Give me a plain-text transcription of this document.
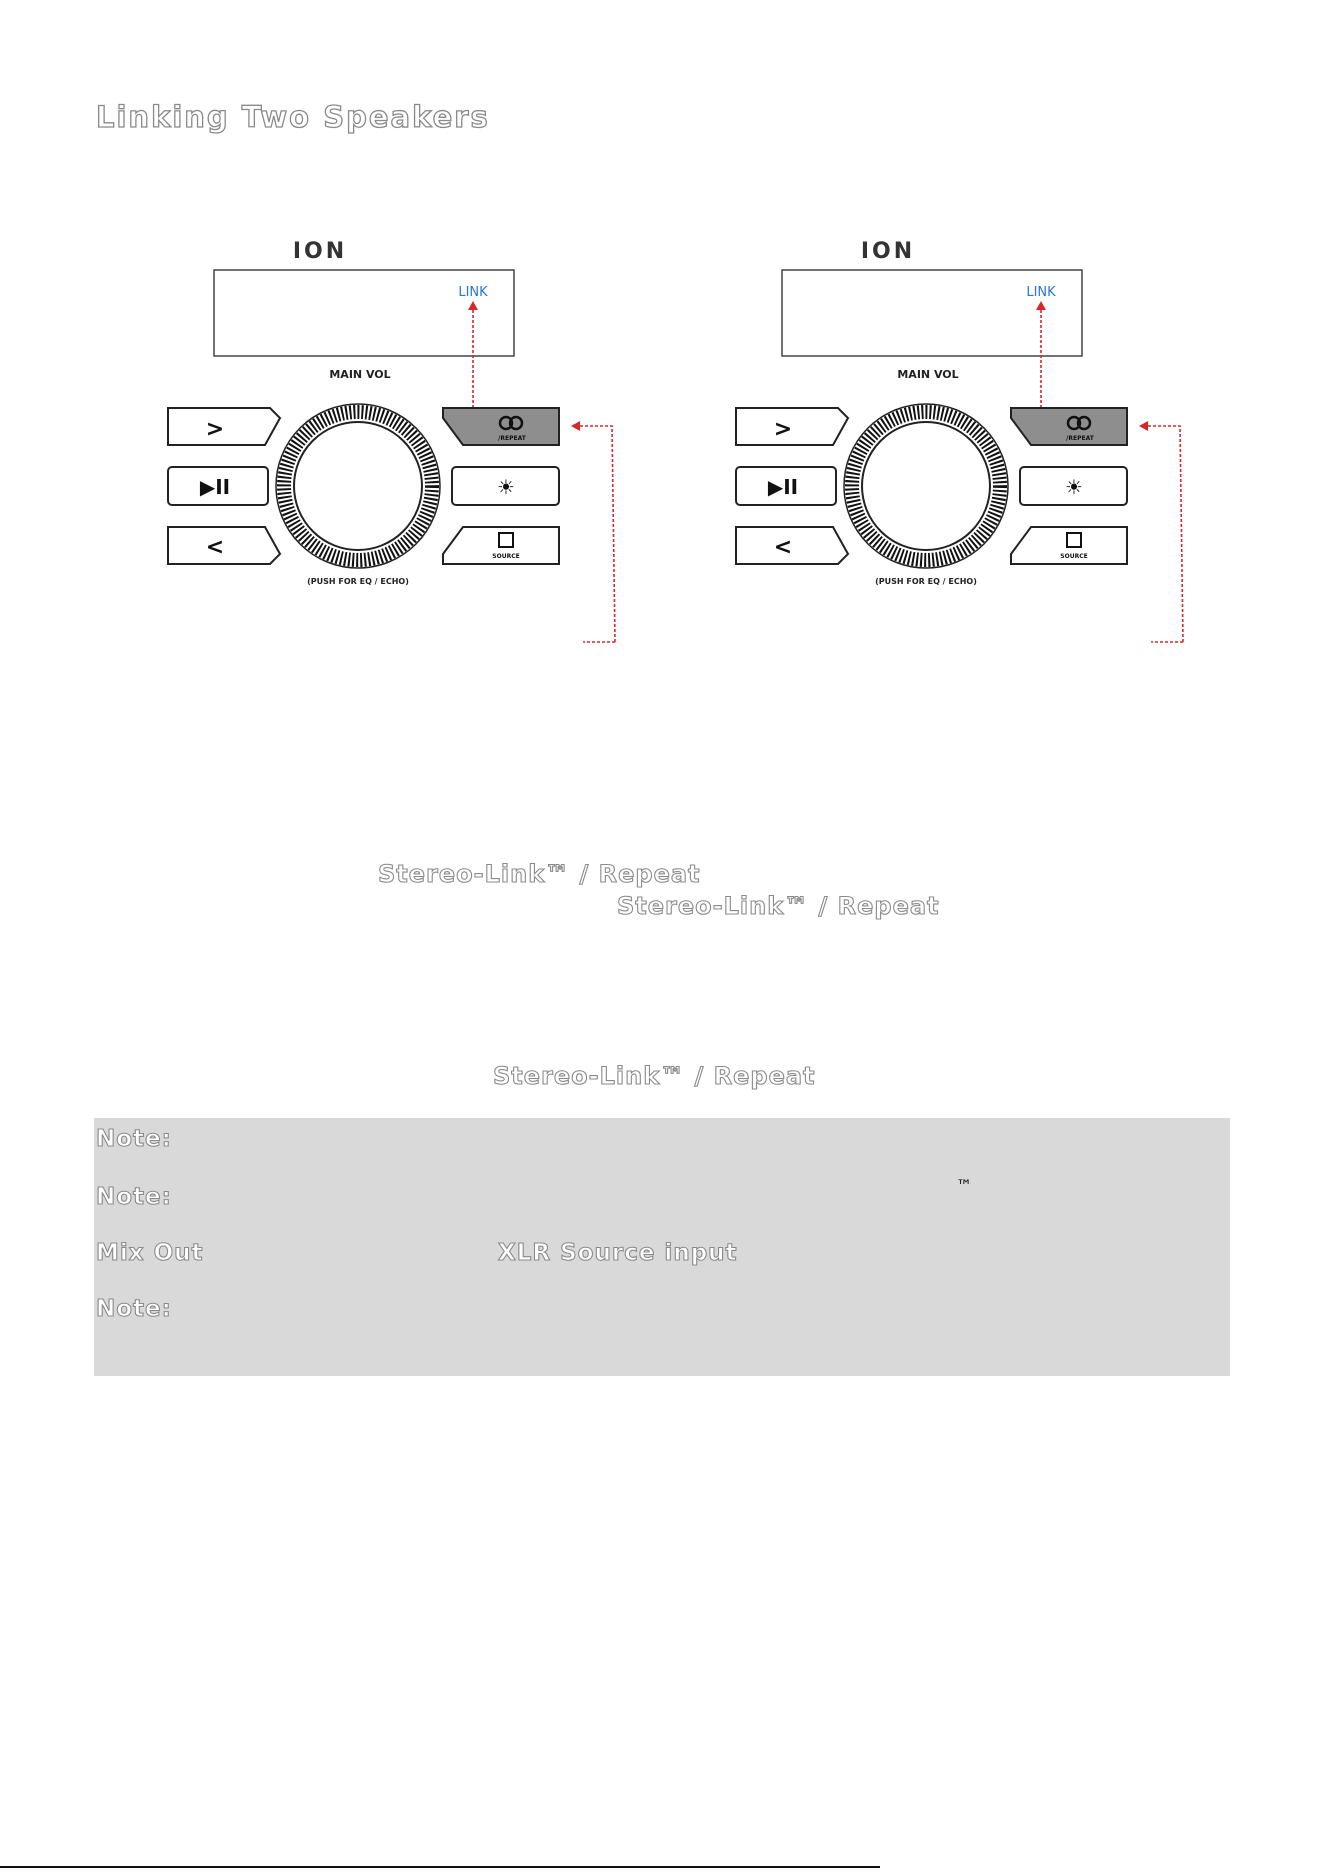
Linking Two Speakers
ION
LINK
MAIN VOL
>
▶II
<
(PUSH FOR EQ / ECHO)
/REPEAT
☀
SOURCE
ION
LINK
MAIN VOL
>
▶II
<
(PUSH FOR EQ / ECHO)
/REPEAT
☀
SOURCE
Stereo-Link™ / Repeat
Stereo-Link™ / Repeat
Stereo-Link™ / Repeat
Note:
Note:	™
Mix Out	XLR Source input
Note:
